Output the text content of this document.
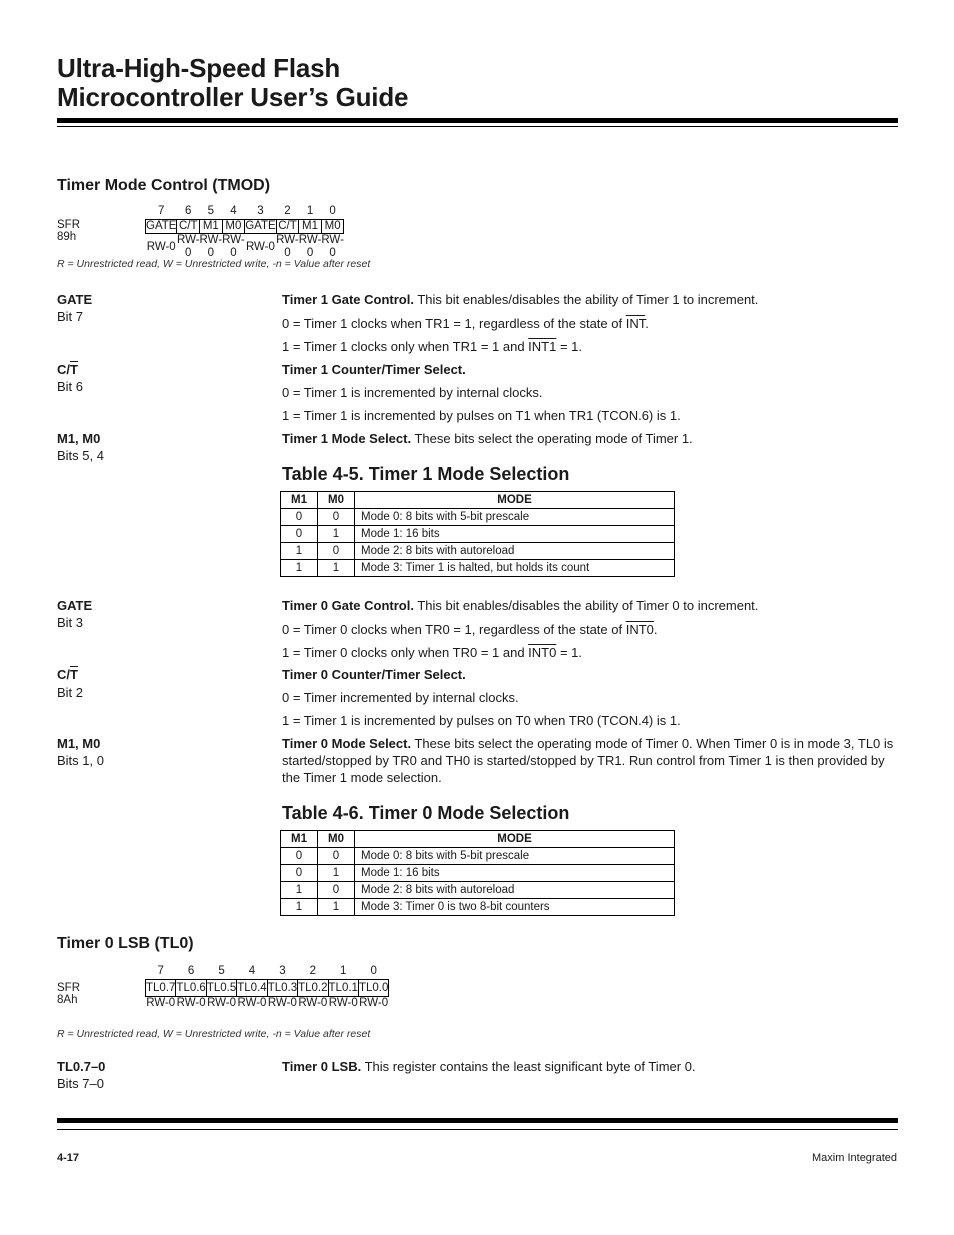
Ultra-High-Speed Flash
Microcontroller User’s Guide
Timer Mode Control (TMOD)
SFR 89h
7	6	5	4	3	2	1	0
GATE	C/T	M1	M0	GATE	C/T	M1	M0
RW-0	RW-0	RW-0	RW-0	RW-0	RW-0	RW-0	RW-0
R = Unrestricted read, W = Unrestricted write, -n = Value after reset
GATE
Bit 7
Timer 1 Gate Control. This bit enables/disables the ability of Timer 1 to increment.
0 = Timer 1 clocks when TR1 = 1, regardless of the state of $\overline{INT}$.
1 = Timer 1 clocks only when TR1 = 1 and INT1 = 1.
$C/\overline{T}$
Bit 6
Timer 1 Counter/Timer Select.
0 = Timer 1 is incremented by internal clocks.
1 = Timer 1 is incremented by pulses on T1 when TR1 (TCON.6) is 1.
M1, M0
Bits 5, 4
Timer 1 Mode Select. These bits select the operating mode of Timer 1.
Table 4-5. Timer 1 Mode Selection
M1	M0	MODE
0	0	Mode 0: 8 bits with 5-bit prescale
0	1	Mode 1: 16 bits
1	0	Mode 2: 8 bits with autoreload
1	1	Mode 3: Timer 1 is halted, but holds its count
GATE
Bit 3
Timer 0 Gate Control. This bit enables/disables the ability of Timer 0 to increment.
0 = Timer 0 clocks when TR0 = 1, regardless of the state of INT0.
1 = Timer 0 clocks only when TR0 = 1 and INT0 = 1.
$C/\overline{T}$
Bit 2
Timer 0 Counter/Timer Select.
0 = Timer incremented by internal clocks.
1 = Timer 1 is incremented by pulses on T0 when TR0 (TCON.4) is 1.
M1, M0
Bits 1, 0
Timer 0 Mode Select. These bits select the operating mode of Timer 0. When Timer 0 is in mode 3, TL0 is started/stopped by TR0 and TH0 is started/stopped by TR1. Run control from Timer 1 is then provided by the Timer 1 mode selection.
Table 4-6. Timer 0 Mode Selection
M1	M0	MODE
0	0	Mode 0: 8 bits with 5-bit prescale
0	1	Mode 1: 16 bits
1	0	Mode 2: 8 bits with autoreload
1	1	Mode 3: Timer 0 is two 8-bit counters
Timer 0 LSB (TL0)
SFR 8Ah
7	6	5	4	3	2	1	0
TL0.7	TL0.6	TL0.5	TL0.4	TL0.3	TL0.2	TL0.1	TL0.0
RW-0	RW-0	RW-0	RW-0	RW-0	RW-0	RW-0	RW-0
R = Unrestricted read, W = Unrestricted write, -n = Value after reset
TL0.7–0
Bits 7–0
Timer 0 LSB. This register contains the least significant byte of Timer 0.
4-17	Maxim Integrated
